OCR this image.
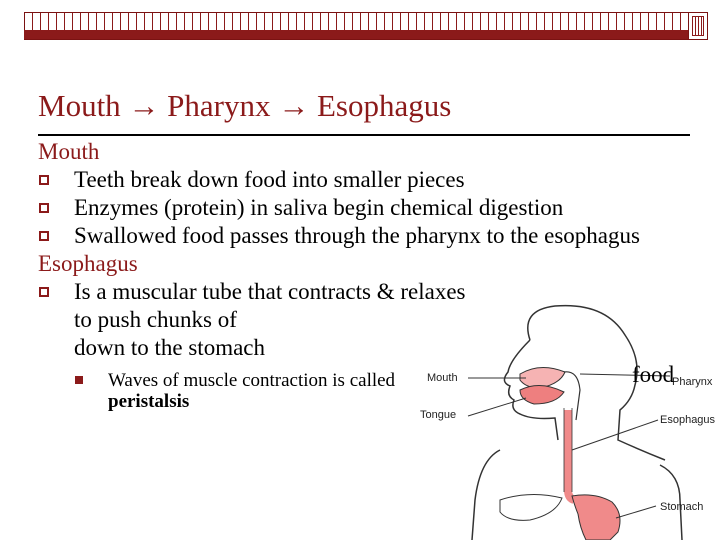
Mouth → Pharynx → Esophagus
Mouth
Teeth break down food into smaller pieces
Enzymes (protein) in saliva begin chemical digestion
Swallowed food passes through the pharynx to the esophagus
Esophagus
Is a muscular tube that contracts & relaxes to push chunks of
down to the stomach
Waves of muscle contraction is called peristalsis
Mouth	Pharynx
Tongue	Esophagus
Stomach
food
